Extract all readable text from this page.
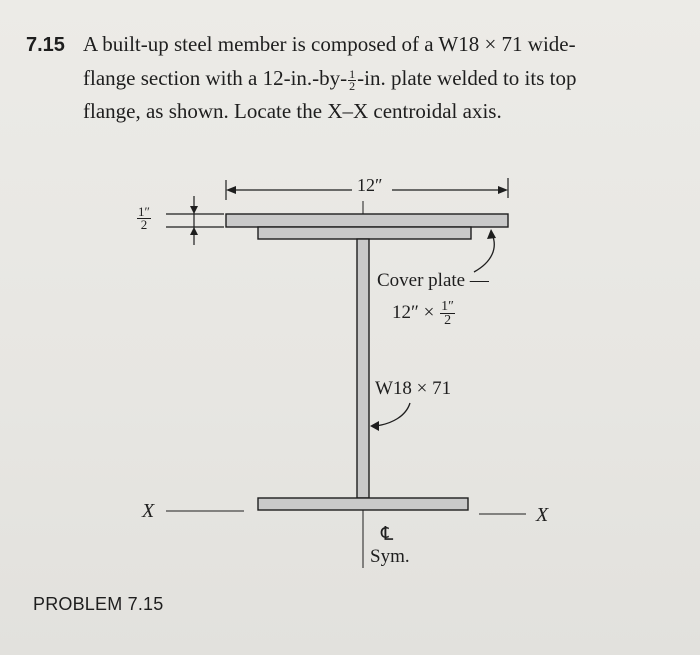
7.15 A built-up steel member is composed of a W18 × 71 wide-
flange section with a $12-in.-by- \frac{1}{2} -in$. plate welded to its top
flange, as shown. Locate the X–X centroidal axis.
12″
$\frac{1''}{2}$
Cover plate —
$12'' \times \frac{1''}{2}$
W18 × 71
X	X
℄
Sym.
PROBLEM 7.15
